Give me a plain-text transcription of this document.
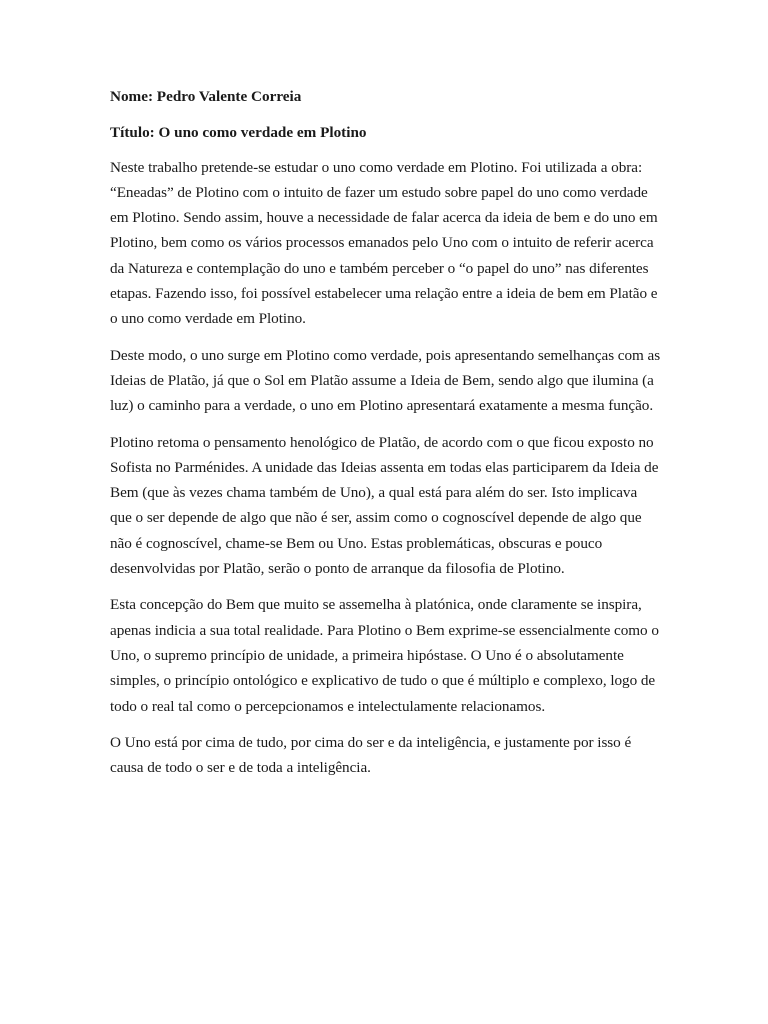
Nome: Pedro Valente Correia
Título: O uno como verdade em Plotino

Neste trabalho pretende-se estudar o uno como verdade em Plotino. Foi utilizada a obra: “Eneadas” de Plotino com o intuito de fazer um estudo sobre papel do uno como verdade em Plotino. Sendo assim, houve a necessidade de falar acerca da ideia de bem e do uno em Plotino, bem como os vários processos emanados pelo Uno com o intuito de referir acerca da Natureza e contemplação do uno e também perceber o “o papel do uno” nas diferentes etapas. Fazendo isso, foi possível estabelecer uma relação entre a ideia de bem em Platão e o uno como verdade em Plotino.

Deste modo, o uno surge em Plotino como verdade, pois apresentando semelhanças com as Ideias de Platão, já que o Sol em Platão assume a Ideia de Bem, sendo algo que ilumina (a luz) o caminho para a verdade, o uno em Plotino apresentará exatamente a mesma função.

Plotino retoma o pensamento henológico de Platão, de acordo com o que ficou exposto no Sofista no Parménides. A unidade das Ideias assenta em todas elas participarem da Ideia de Bem (que às vezes chama também de Uno), a qual está para além do ser. Isto implicava que o ser depende de algo que não é ser, assim como o cognoscível depende de algo que não é cognoscível, chame-se Bem ou Uno. Estas problemáticas, obscuras e pouco desenvolvidas por Platão, serão o ponto de arranque da filosofia de Plotino.

Esta concepção do Bem que muito se assemelha à platónica, onde claramente se inspira, apenas indicia a sua total realidade. Para Plotino o Bem exprime-se essencialmente como o Uno, o supremo princípio de unidade, a primeira hipóstase. O Uno é o absolutamente simples, o princípio ontológico e explicativo de tudo o que é múltiplo e complexo, logo de todo o real tal como o percepcionamos e intelectulamente relacionamos.

O Uno está por cima de tudo, por cima do ser e da inteligência, e justamente por isso é causa de todo o ser e de toda a inteligência.
